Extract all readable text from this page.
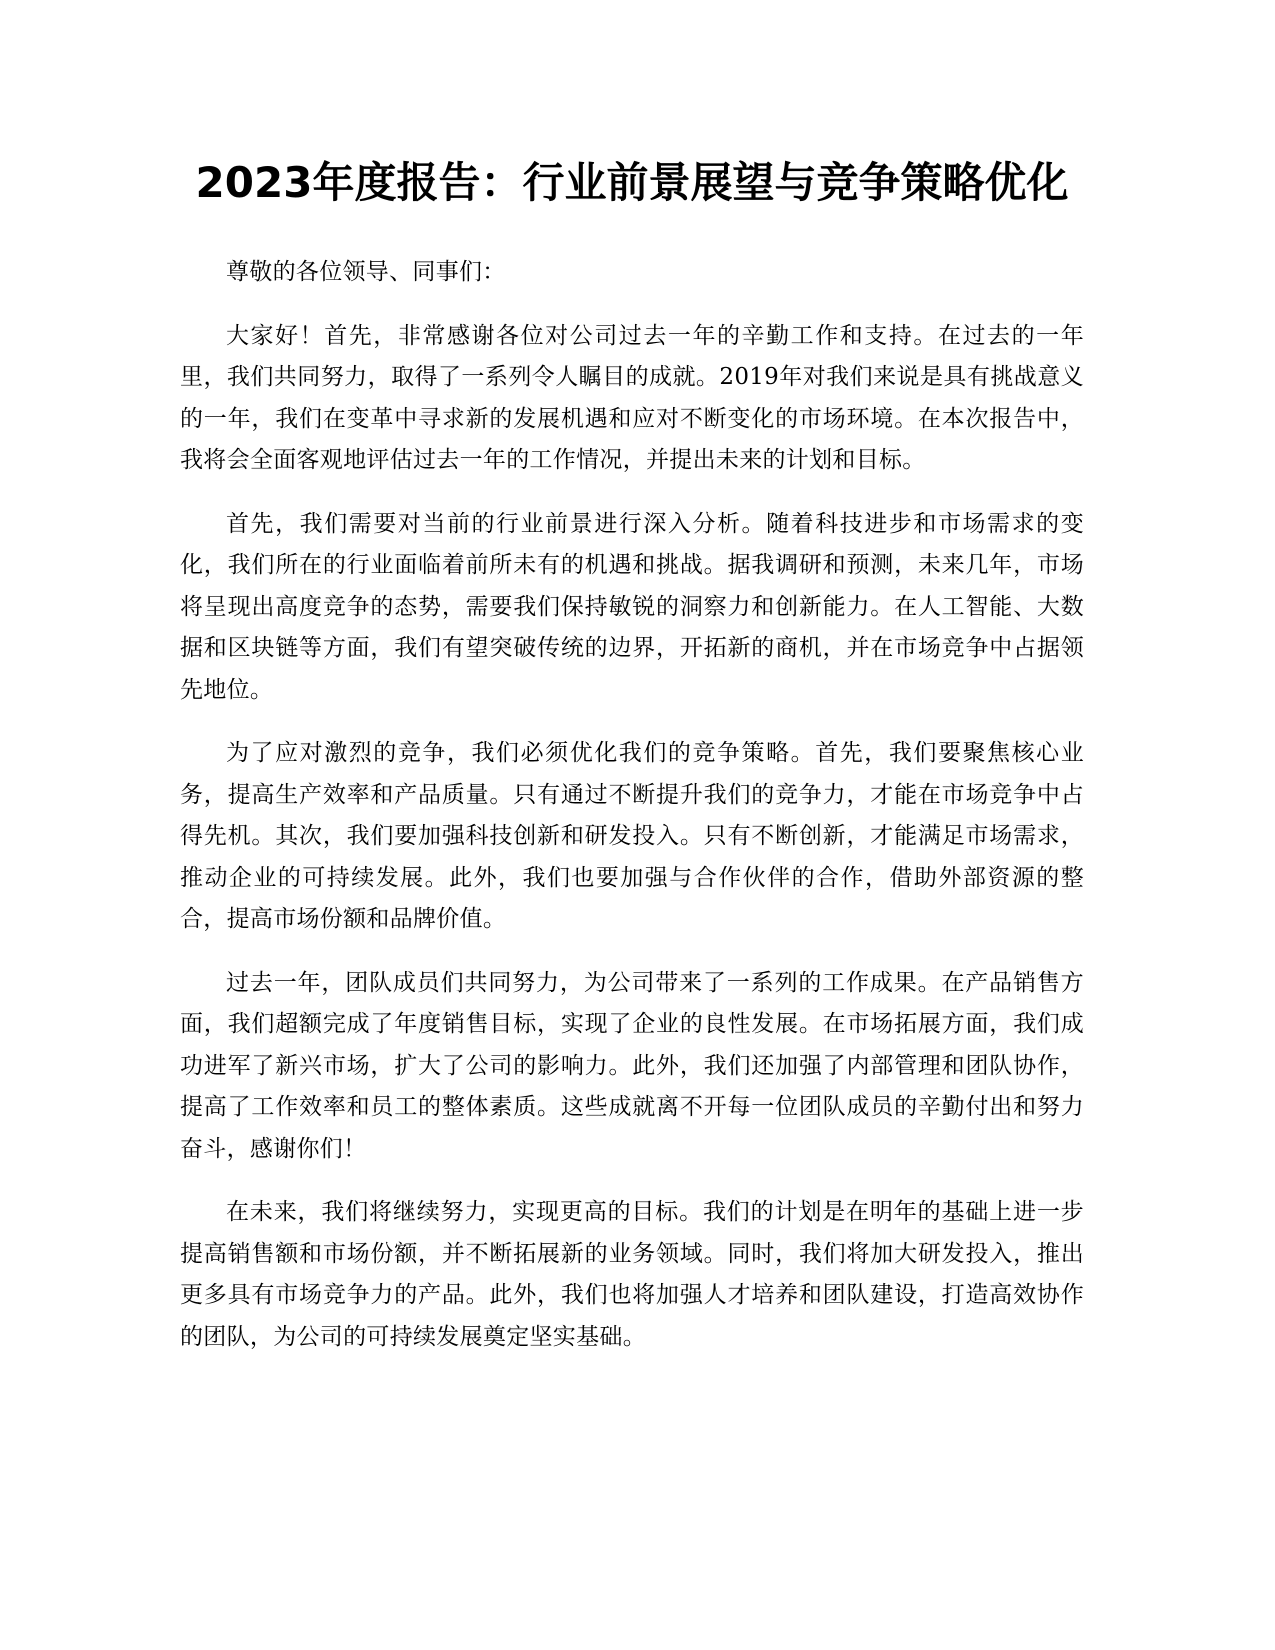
2023年度报告：行业前景展望与竞争策略优化

尊敬的各位领导、同事们：

大家好！首先，非常感谢各位对公司过去一年的辛勤工作和支持。在过去的一年里，我们共同努力，取得了一系列令人瞩目的成就。2019年对我们来说是具有挑战意义的一年，我们在变革中寻求新的发展机遇和应对不断变化的市场环境。在本次报告中，我将会全面客观地评估过去一年的工作情况，并提出未来的计划和目标。

首先，我们需要对当前的行业前景进行深入分析。随着科技进步和市场需求的变化，我们所在的行业面临着前所未有的机遇和挑战。据我调研和预测，未来几年，市场将呈现出高度竞争的态势，需要我们保持敏锐的洞察力和创新能力。在人工智能、大数据和区块链等方面，我们有望突破传统的边界，开拓新的商机，并在市场竞争中占据领先地位。

为了应对激烈的竞争，我们必须优化我们的竞争策略。首先，我们要聚焦核心业务，提高生产效率和产品质量。只有通过不断提升我们的竞争力，才能在市场竞争中占得先机。其次，我们要加强科技创新和研发投入。只有不断创新，才能满足市场需求，推动企业的可持续发展。此外，我们也要加强与合作伙伴的合作，借助外部资源的整合，提高市场份额和品牌价值。

过去一年，团队成员们共同努力，为公司带来了一系列的工作成果。在产品销售方面，我们超额完成了年度销售目标，实现了企业的良性发展。在市场拓展方面，我们成功进军了新兴市场，扩大了公司的影响力。此外，我们还加强了内部管理和团队协作，提高了工作效率和员工的整体素质。这些成就离不开每一位团队成员的辛勤付出和努力奋斗，感谢你们！

在未来，我们将继续努力，实现更高的目标。我们的计划是在明年的基础上进一步提高销售额和市场份额，并不断拓展新的业务领域。同时，我们将加大研发投入，推出更多具有市场竞争力的产品。此外，我们也将加强人才培养和团队建设，打造高效协作的团队，为公司的可持续发展奠定坚实基础。
